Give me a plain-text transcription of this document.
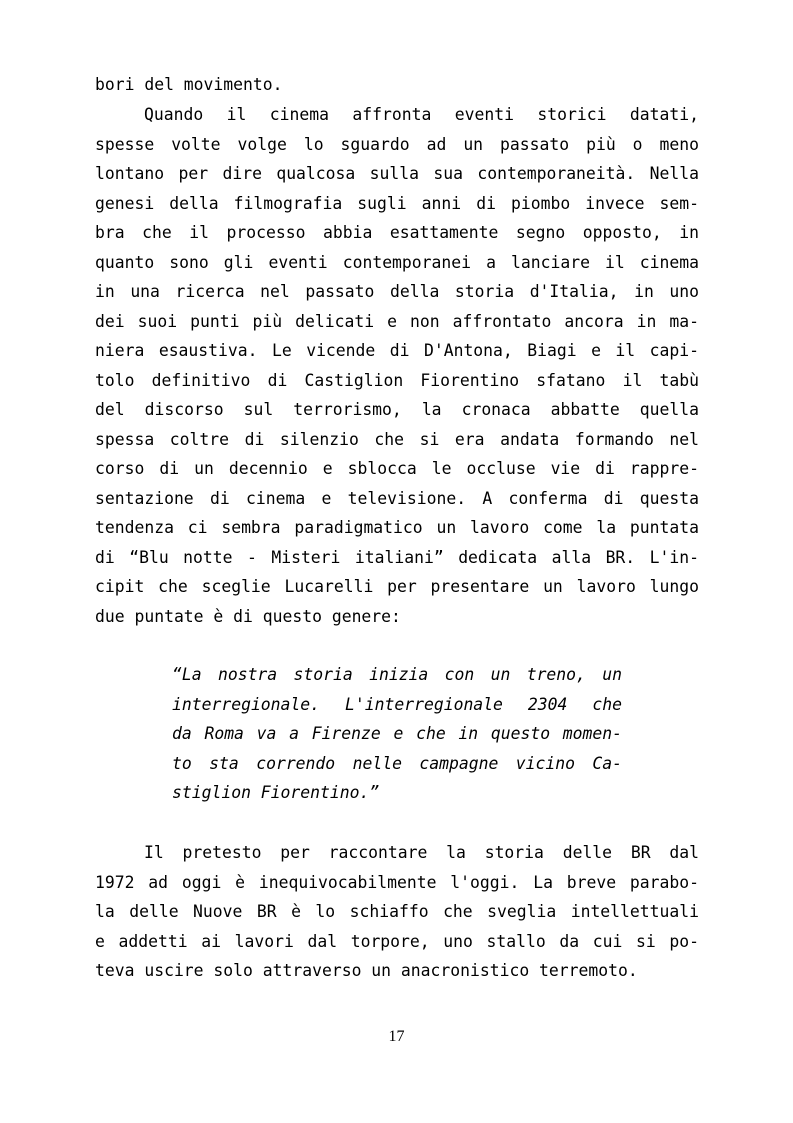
bori del movimento.

Quando il cinema affronta eventi storici datati,

spesse volte volge lo sguardo ad un passato più o meno

lontano per dire qualcosa sulla sua contemporaneità. Nella

genesi della filmografia sugli anni di piombo invece sem-

bra che il processo abbia esattamente segno opposto, in

quanto sono gli eventi contemporanei a lanciare il cinema

in una ricerca nel passato della storia d'Italia, in uno

dei suoi punti più delicati e non affrontato ancora in ma-

niera esaustiva. Le vicende di D'Antona, Biagi e il capi-

tolo definitivo di Castiglion Fiorentino sfatano il tabù

del discorso sul terrorismo, la cronaca abbatte quella

spessa coltre di silenzio che si era andata formando nel

corso di un decennio e sblocca le occluse vie di rappre-

sentazione di cinema e televisione. A conferma di questa

tendenza ci sembra paradigmatico un lavoro come la puntata

di “Blu notte - Misteri italiani” dedicata alla BR. L'in-

cipit che sceglie Lucarelli per presentare un lavoro lungo

due puntate è di questo genere:

“La nostra storia inizia con un treno, un

interregionale. L'interregionale 2304 che

da Roma va a Firenze e che in questo momen-

to sta correndo nelle campagne vicino Ca-

stiglion Fiorentino.”

Il pretesto per raccontare la storia delle BR dal

1972 ad oggi è inequivocabilmente l'oggi. La breve parabo-

la delle Nuove BR è lo schiaffo che sveglia intellettuali

e addetti ai lavori dal torpore, uno stallo da cui si po-

teva uscire solo attraverso un anacronistico terremoto.

17
